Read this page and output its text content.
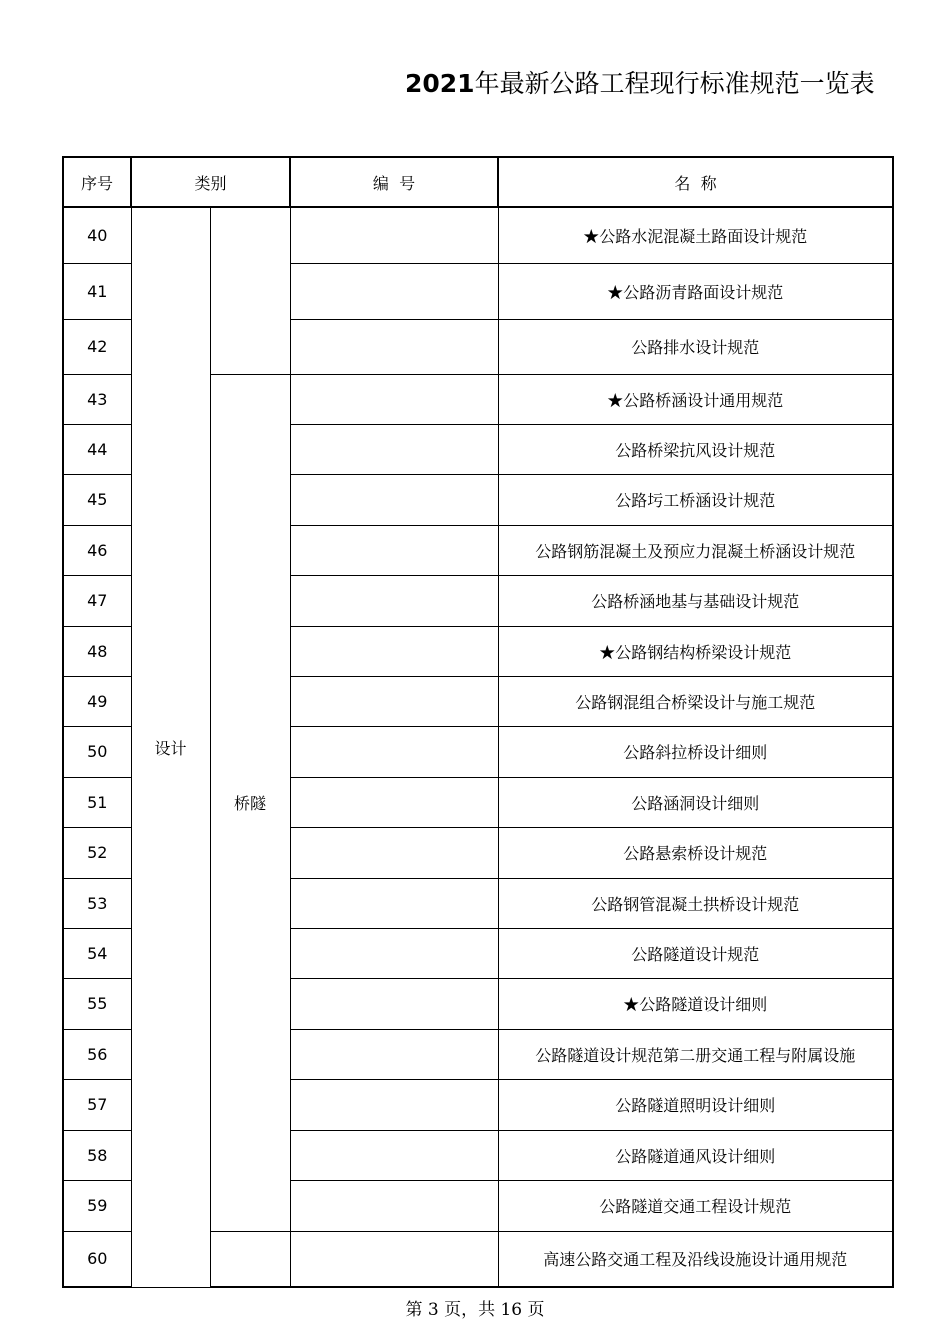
2021年最新公路工程现行标准规范一览表
序号	类别		编  号	名  称
40	设计			★公路水泥混凝土路面设计规范
41				★公路沥青路面设计规范
42				公路排水设计规范
43		桥隧		★公路桥涵设计通用规范
44				公路桥梁抗风设计规范
45				公路圬工桥涵设计规范
46				公路钢筋混凝土及预应力混凝土桥涵设计规范
47				公路桥涵地基与基础设计规范
48				★公路钢结构桥梁设计规范
49				公路钢混组合桥梁设计与施工规范
50				公路斜拉桥设计细则
51				公路涵洞设计细则
52				公路悬索桥设计规范
53				公路钢管混凝土拱桥设计规范
54				公路隧道设计规范
55				★公路隧道设计细则
56				公路隧道设计规范第二册交通工程与附属设施
57				公路隧道照明设计细则
58				公路隧道通风设计细则
59				公路隧道交通工程设计规范
60				高速公路交通工程及沿线设施设计通用规范
第 3 页，共 16 页
